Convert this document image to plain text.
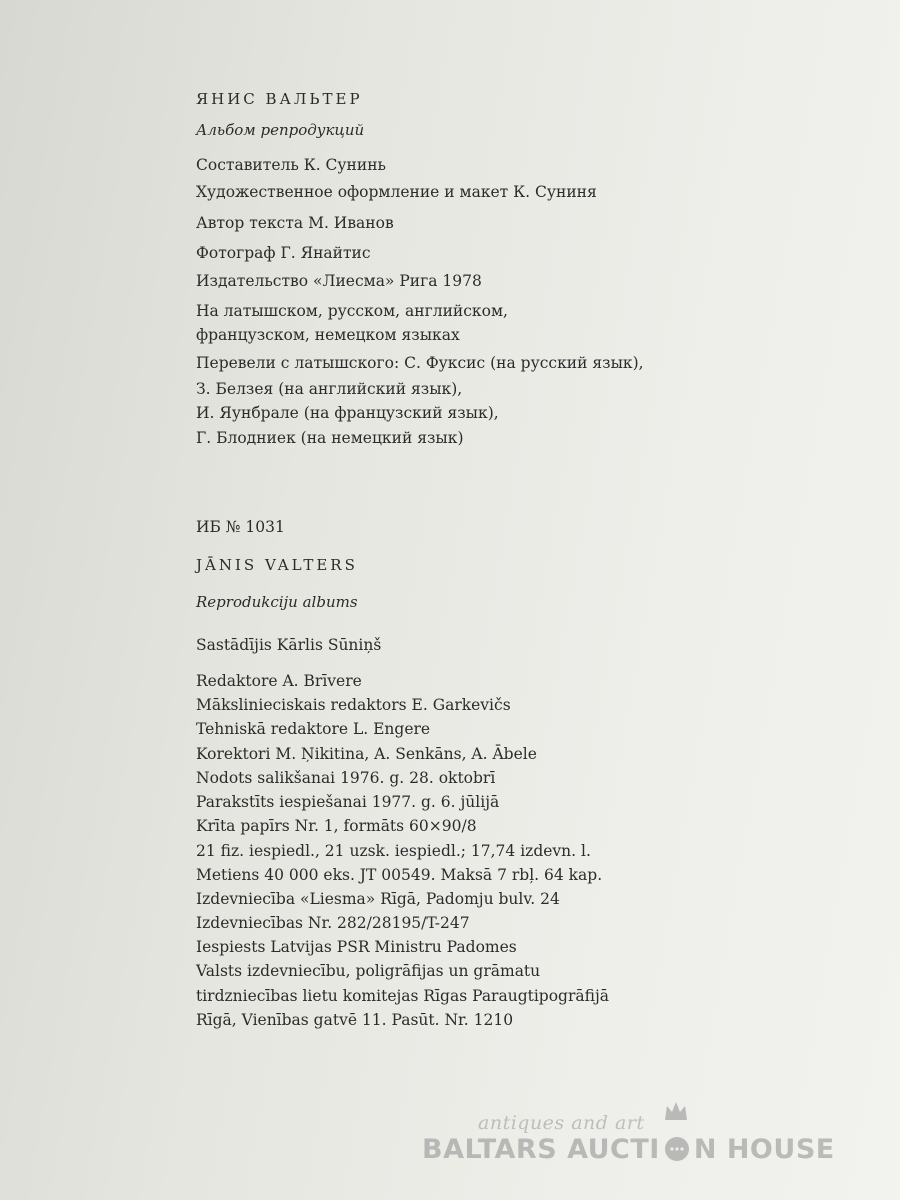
ЯНИС ВАЛЬТЕР
Альбом репродукций
Составитель К. Сунинь
Художественное оформление и макет К. Суниня
Автор текста М. Иванов
Фотограф Г. Янайтис
Издательство «Лиесма» Рига 1978
На латышском, русском, английском,
французском, немецком языках
Перевели с латышского: С. Фуксис (на русский язык),
З. Белзея (на английский язык),
И. Яунбрале (на французский язык),
Г. Блодниек (на немецкий язык)
ИБ № 1031
JĀNIS VALTERS
Reprodukciju albums
Sastādījis Kārlis Sūniņš
Redaktore A. Brīvere
Mākslinieciskais redaktors E. Garkevičs
Tehniskā redaktore L. Engere
Korektori M. Ņikitina, A. Senkāns, A. Ābele
Nodots salikšanai 1976. g. 28. oktobrī
Parakstīts iespiešanai 1977. g. 6. jūlijā
Krīta papīrs Nr. 1, formāts 60×90/8
21 fiz. iespiedl., 21 uzsk. iespiedl.; 17,74 izdevn. l.
Metiens 40 000 eks. JT 00549. Maksā 7 rbļ. 64 kap.
Izdevniecība «Liesma» Rīgā, Padomju bulv. 24
Izdevniecības Nr. 282/28195/T-247
Iespiests Latvijas PSR Ministru Padomes
Valsts izdevniecību, poligrāfijas un grāmatu
tirdzniecības lietu komitejas Rīgas Paraugtipogrāfijā
Rīgā, Vienības gatvē 11. Pasūt. Nr. 1210
antiques and art
BALTARS AUCTI N HOUSE
